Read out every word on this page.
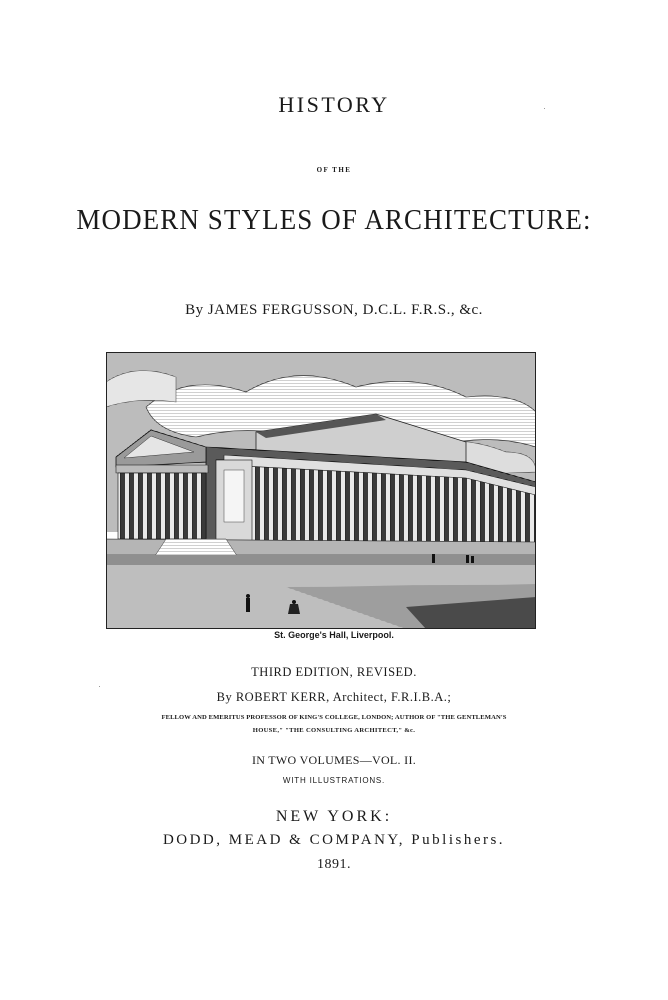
HISTORY
OF THE
MODERN STYLES OF ARCHITECTURE:
By JAMES FERGUSSON, D.C.L. F.R.S., &c.
St. George's Hall, Liverpool.
THIRD EDITION, REVISED.
By ROBERT KERR, Architect, F.R.I.B.A.;
FELLOW AND EMERITUS PROFESSOR OF KING'S COLLEGE, LONDON; AUTHOR OF "THE GENTLEMAN'S
HOUSE," "THE CONSULTING ARCHITECT," &c.
IN TWO VOLUMES—VOL. II.
WITH ILLUSTRATIONS.
NEW YORK:
DODD, MEAD & COMPANY, Publishers.
1891.
